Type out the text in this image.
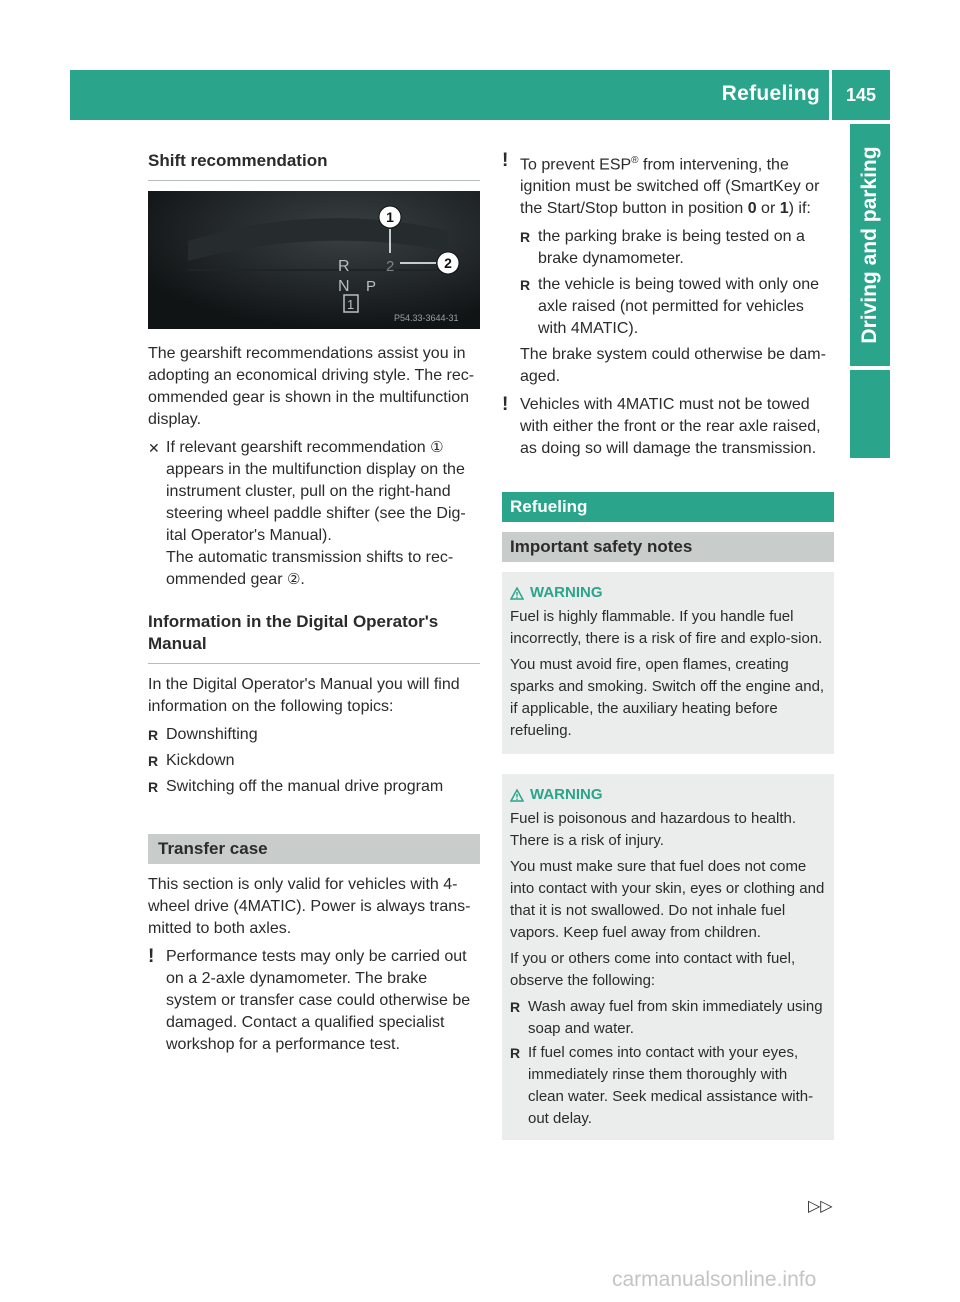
Refueling	145
Driving and parking
Shift recommendation
R
N P
1
2
1
2
P54.33-3644-31

The gearshift recommendations assist you in adopting an economical driving style. The rec-ommended gear is shown in the multifunction display.

✕ If relevant gearshift recommendation ① appears in the multifunction display on the instrument cluster, pull on the right-hand steering wheel paddle shifter (see the Dig-ital Operator's Manual).
The automatic transmission shifts to rec-ommended gear ②.
Information in the Digital Operator's Manual

In the Digital Operator's Manual you will find information on the following topics:

R Downshifting
R Kickdown
R Switching off the manual drive program
Transfer case

This section is only valid for vehicles with 4-wheel drive (4MATIC). Power is always trans-mitted to both axles.

! Performance tests may only be carried out on a 2-axle dynamometer. The brake system or transfer case could otherwise be damaged. Contact a qualified specialist workshop for a performance test.
! To prevent ESP® from intervening, the ignition must be switched off (SmartKey or the Start/Stop button in position 0 or 1) if:
R the parking brake is being tested on a brake dynamometer.
R the vehicle is being towed with only one axle raised (not permitted for vehicles with 4MATIC).

The brake system could otherwise be dam-aged.

! Vehicles with 4MATIC must not be towed with either the front or the rear axle raised, as doing so will damage the transmission.
Refueling
Important safety notes
WARNING

Fuel is highly flammable. If you handle fuel incorrectly, there is a risk of fire and explo-sion.

You must avoid fire, open flames, creating sparks and smoking. Switch off the engine and, if applicable, the auxiliary heating before refueling.

WARNING

Fuel is poisonous and hazardous to health. There is a risk of injury.

You must make sure that fuel does not come into contact with your skin, eyes or clothing and that it is not swallowed. Do not inhale fuel vapors. Keep fuel away from children.

If you or others come into contact with fuel, observe the following:

R Wash away fuel from skin immediately using soap and water.
R If fuel comes into contact with your eyes, immediately rinse them thoroughly with clean water. Seek medical assistance with-out delay.
▷▷
carmanualsonline.info
